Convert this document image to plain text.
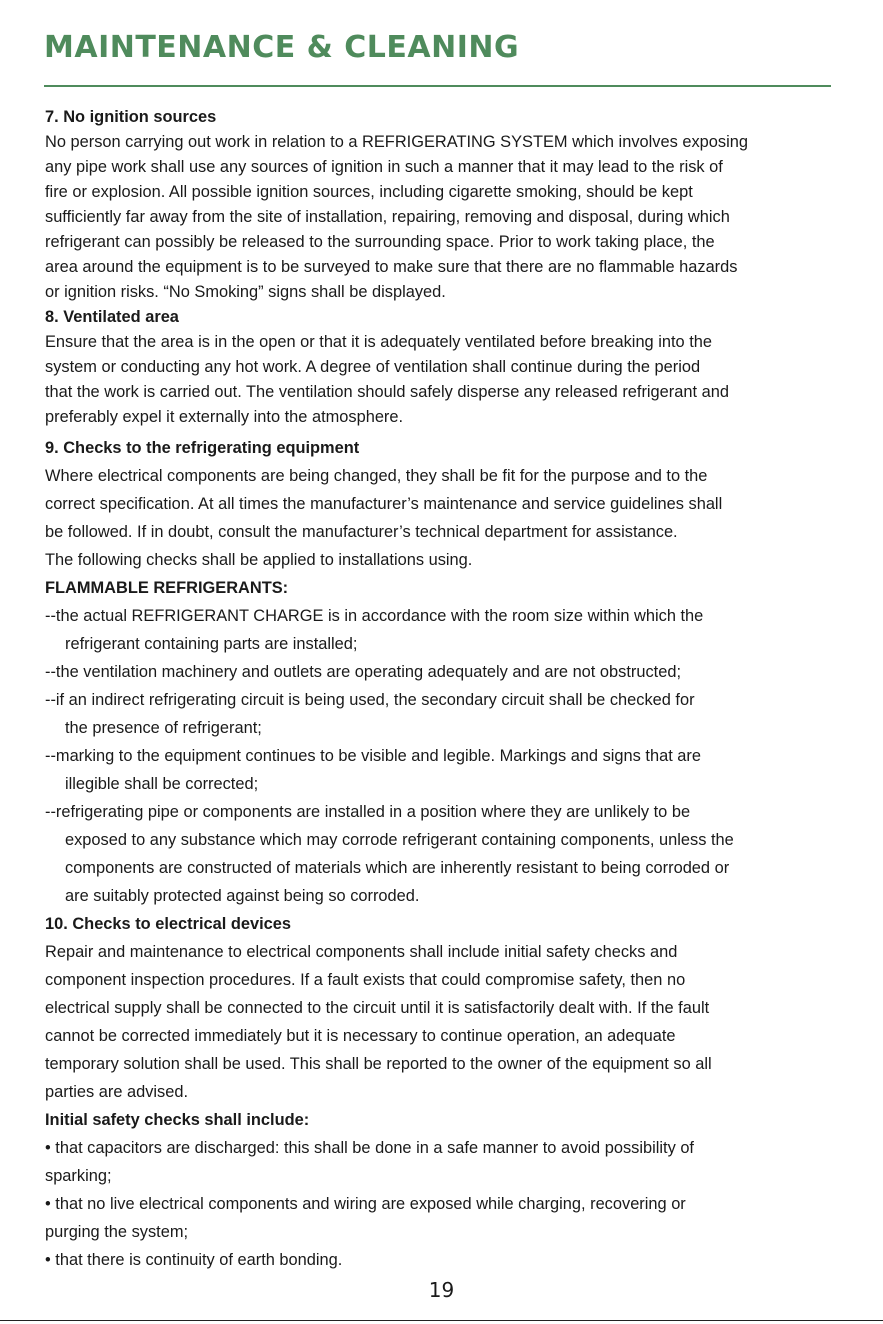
MAINTENANCE & CLEANING
7. No ignition sources
No person carrying out work in relation to a REFRIGERATING SYSTEM which involves exposing
any pipe work shall use any sources of ignition in such a manner that it may lead to the risk of
fire or explosion. All possible ignition sources, including cigarette smoking, should be kept
sufficiently far away from the site of installation, repairing, removing and disposal, during which
refrigerant can possibly be released to the surrounding space. Prior to work taking place, the
area around the equipment is to be surveyed to make sure that there are no flammable hazards
or ignition risks. “No Smoking” signs shall be displayed.
8. Ventilated area
Ensure that the area is in the open or that it is adequately ventilated before breaking into the
system or conducting any hot work. A degree of ventilation shall continue during the period
that the work is carried out. The ventilation should safely disperse any released refrigerant and
preferably expel it externally into the atmosphere.
9. Checks to the refrigerating equipment
Where electrical components are being changed, they shall be fit for the purpose and to the
correct specification. At all times the manufacturer’s maintenance and service guidelines shall
be followed. If in doubt, consult the manufacturer’s technical department for assistance.
The following checks shall be applied to installations using.
FLAMMABLE REFRIGERANTS:
--the actual REFRIGERANT CHARGE is in accordance with the room size within which the
refrigerant containing parts are installed;
--the ventilation machinery and outlets are operating adequately and are not obstructed;
--if an indirect refrigerating circuit is being used, the secondary circuit shall be checked for
the presence of refrigerant;
--marking to the equipment continues to be visible and legible. Markings and signs that are
illegible shall be corrected;
--refrigerating pipe or components are installed in a position where they are unlikely to be
exposed to any substance which may corrode refrigerant containing components, unless the
components are constructed of materials which are inherently resistant to being corroded or
are suitably protected against being so corroded.
10. Checks to electrical devices
Repair and maintenance to electrical components shall include initial safety checks and
component inspection procedures. If a fault exists that could compromise safety, then no
electrical supply shall be connected to the circuit until it is satisfactorily dealt with. If the fault
cannot be corrected immediately but it is necessary to continue operation, an adequate
temporary solution shall be used. This shall be reported to the owner of the equipment so all
parties are advised.
Initial safety checks shall include:
• that capacitors are discharged: this shall be done in a safe manner to avoid possibility of
sparking;
• that no live electrical components and wiring are exposed while charging, recovering or
purging the system;
• that there is continuity of earth bonding.
19
